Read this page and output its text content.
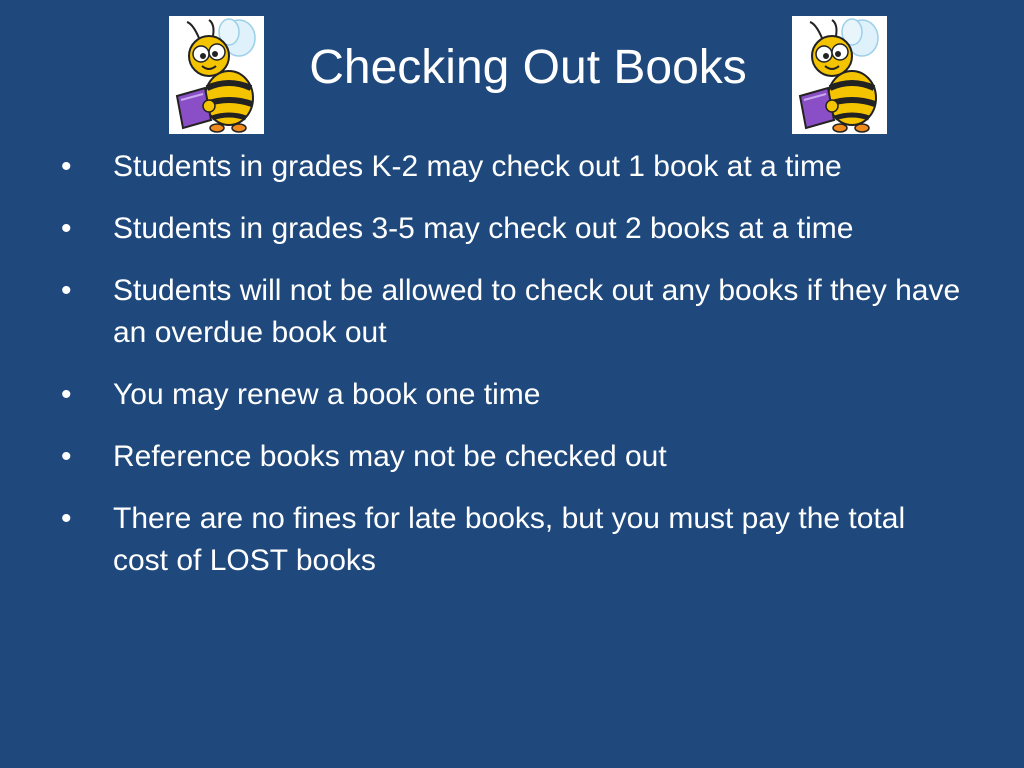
Checking Out Books
• Students in grades K-2 may check out 1 book at a time
• Students in grades 3-5 may check out 2 books at a time
• Students will not be allowed to check out any books if they have an overdue book out
• You may renew a book one time
• Reference books may not be checked out
• There are no fines for late books, but you must pay the total cost of LOST books
